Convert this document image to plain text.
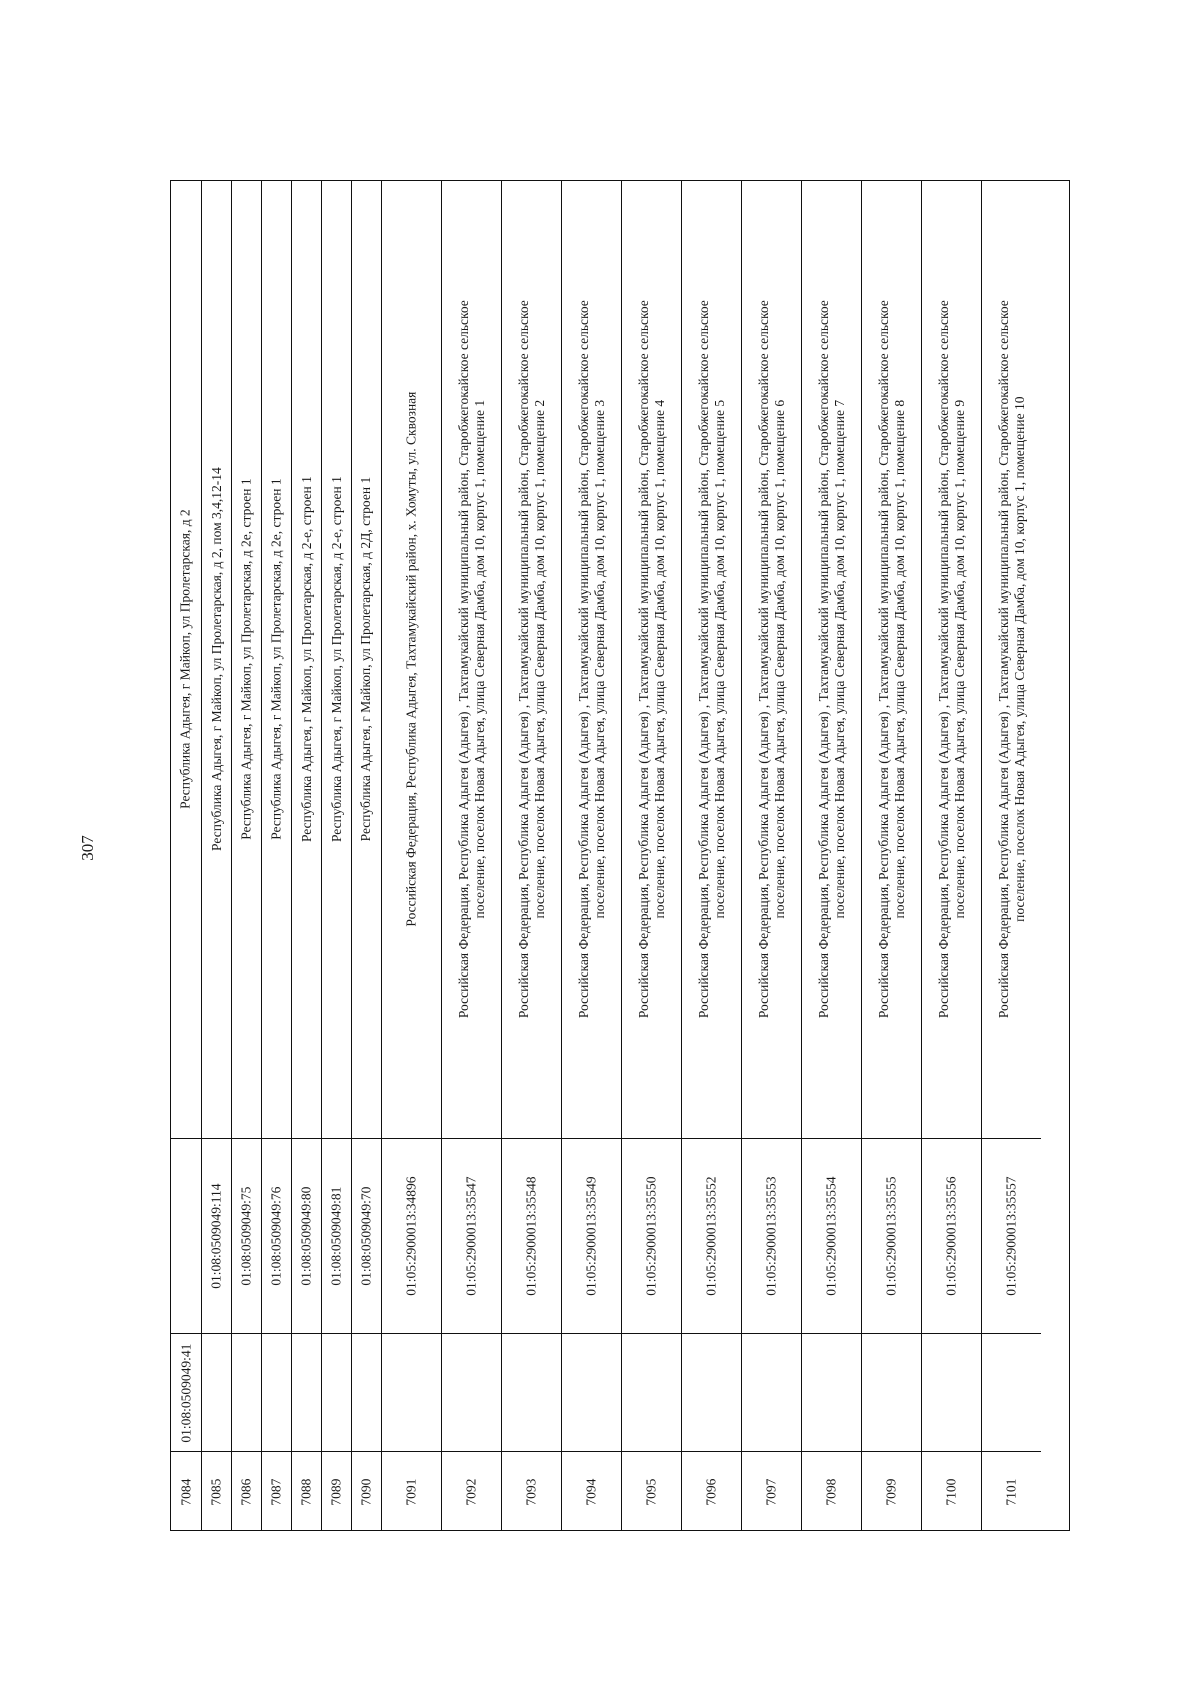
307
7084
01:08:0509049:41
Республика Адыгея, г Майкоп, ул Пролетарская, д 2
7085
01:08:0509049:114
Республика Адыгея, г Майкоп, ул Пролетарская, д 2, пом 3,4,12-14
7086
01:08:0509049:75
Республика Адыгея, г Майкоп, ул Пролетарская, д 2е, строен 1
7087
01:08:0509049:76
Республика Адыгея, г Майкоп, ул Пролетарская, д 2е, строен 1
7088
01:08:0509049:80
Республика Адыгея, г Майкоп, ул Пролетарская, д 2-е, строен 1
7089
01:08:0509049:81
Республика Адыгея, г Майкоп, ул Пролетарская, д 2-е, строен 1
7090
01:08:0509049:70
Республика Адыгея, г Майкоп, ул Пролетарская, д 2Д, строен 1
7091
01:05:2900013:34896
Российская Федерация, Республика Адыгея, Тахтамукайский район, х. Хомуты, ул. Сквозная
7092
01:05:2900013:35547
Российская Федерация, Республика Адыгея (Адыгея) , Тахтамукайский муниципальный район, Старобжегокайское сельское поселение, поселок Новая Адыгея, улица Северная Дамба, дом 10, корпус 1, помещение 1
7093
01:05:2900013:35548
Российская Федерация, Республика Адыгея (Адыгея) , Тахтамукайский муниципальный район, Старобжегокайское сельское поселение, поселок Новая Адыгея, улица Северная Дамба, дом 10, корпус 1, помещение 2
7094
01:05:2900013:35549
Российская Федерация, Республика Адыгея (Адыгея) , Тахтамукайский муниципальный район, Старобжегокайское сельское поселение, поселок Новая Адыгея, улица Северная Дамба, дом 10, корпус 1, помещение 3
7095
01:05:2900013:35550
Российская Федерация, Республика Адыгея (Адыгея) , Тахтамукайский муниципальный район, Старобжегокайское сельское поселение, поселок Новая Адыгея, улица Северная Дамба, дом 10, корпус 1, помещение 4
7096
01:05:2900013:35552
Российская Федерация, Республика Адыгея (Адыгея) , Тахтамукайский муниципальный район, Старобжегокайское сельское поселение, поселок Новая Адыгея, улица Северная Дамба, дом 10, корпус 1, помещение 5
7097
01:05:2900013:35553
Российская Федерация, Республика Адыгея (Адыгея) , Тахтамукайский муниципальный район, Старобжегокайское сельское поселение, поселок Новая Адыгея, улица Северная Дамба, дом 10, корпус 1, помещение 6
7098
01:05:2900013:35554
Российская Федерация, Республика Адыгея (Адыгея) , Тахтамукайский муниципальный район, Старобжегокайское сельское поселение, поселок Новая Адыгея, улица Северная Дамба, дом 10, корпус 1, помещение 7
7099
01:05:2900013:35555
Российская Федерация, Республика Адыгея (Адыгея) , Тахтамукайский муниципальный район, Старобжегокайское сельское поселение, поселок Новая Адыгея, улица Северная Дамба, дом 10, корпус 1, помещение 8
7100
01:05:2900013:35556
Российская Федерация, Республика Адыгея (Адыгея) , Тахтамукайский муниципальный район, Старобжегокайское сельское поселение, поселок Новая Адыгея, улица Северная Дамба, дом 10, корпус 1, помещение 9
7101
01:05:2900013:35557
Российская Федерация, Республика Адыгея (Адыгея) , Тахтамукайский муниципальный район, Старобжегокайское сельское поселение, поселок Новая Адыгея, улица Северная Дамба, дом 10, корпус 1, помещение 10
